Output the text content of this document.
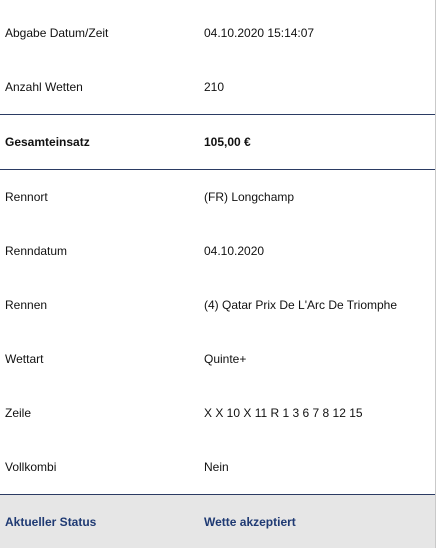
Abgabe Datum/Zeit	04.10.2020 15:14:07
Anzahl Wetten	210
Gesamteinsatz	105,00 €
Rennort	(FR) Longchamp
Renndatum	04.10.2020
Rennen	(4) Qatar Prix De L'Arc De Triomphe
Wettart	Quinte+
Zeile	X X 10 X 11 R 1 3 6 7 8 12 15
Vollkombi	Nein
Aktueller Status	Wette akzeptiert
